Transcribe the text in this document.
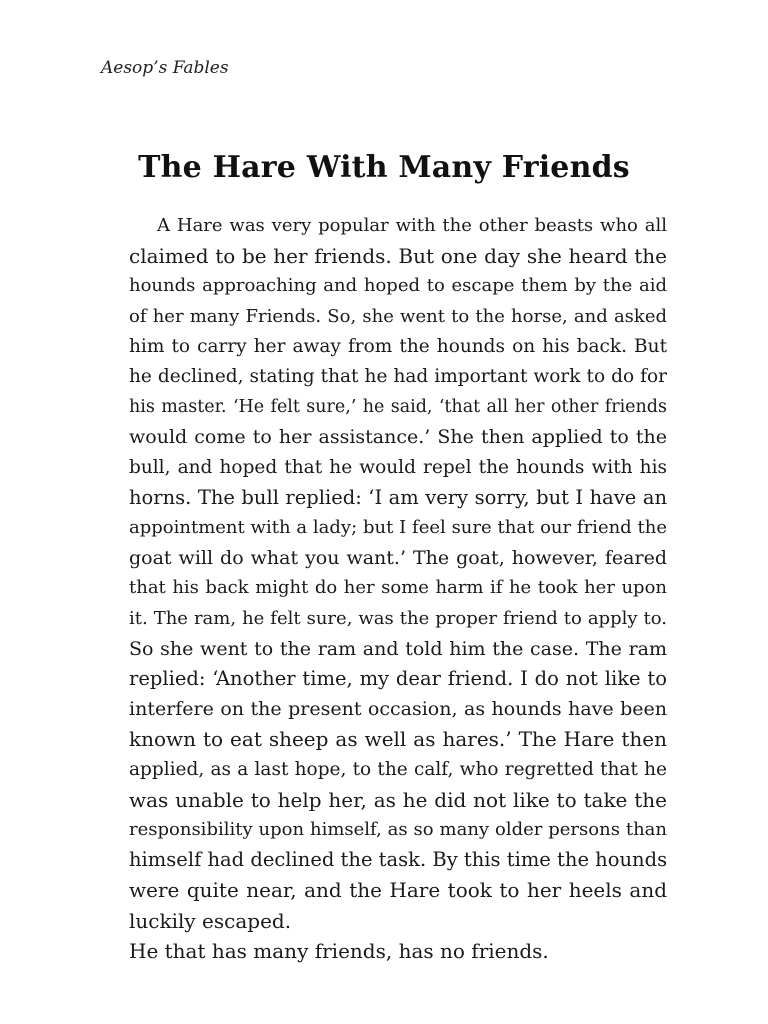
Aesop’s Fables
The Hare With Many Friends
A Hare was very popular with the other beasts who all
claimed to be her friends. But one day she heard the
hounds approaching and hoped to escape them by the aid
of her many Friends. So, she went to the horse, and asked
him to carry her away from the hounds on his back. But
he declined, stating that he had important work to do for
his master. ‘He felt sure,’ he said, ‘that all her other friends
would come to her assistance.’ She then applied to the
bull, and hoped that he would repel the hounds with his
horns. The bull replied: ‘I am very sorry, but I have an
appointment with a lady; but I feel sure that our friend the
goat will do what you want.’ The goat, however, feared
that his back might do her some harm if he took her upon
it. The ram, he felt sure, was the proper friend to apply to.
So she went to the ram and told him the case. The ram
replied: ‘Another time, my dear friend. I do not like to
interfere on the present occasion, as hounds have been
known to eat sheep as well as hares.’ The Hare then
applied, as a last hope, to the calf, who regretted that he
was unable to help her, as he did not like to take the
responsibility upon himself, as so many older persons than
himself had declined the task. By this time the hounds
were quite near, and the Hare took to her heels and
luckily escaped.
He that has many friends, has no friends.
